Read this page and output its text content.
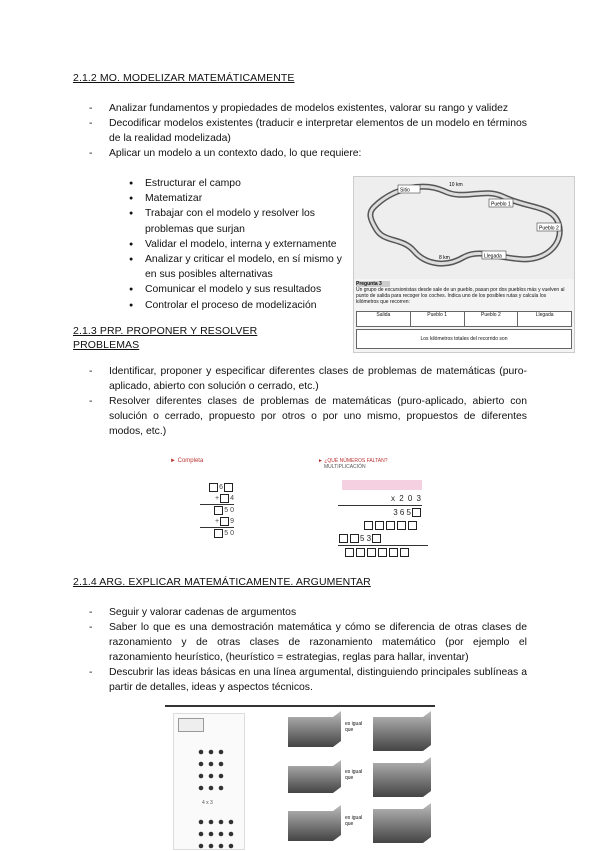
2.1.2 MO. MODELIZAR MATEMÁTICAMENTE
- Analizar fundamentos y propiedades de modelos existentes, valorar su rango y validez
- Decodificar modelos existentes (traducir e interpretar elementos de un modelo en términos de la realidad modelizada)
- Aplicar un modelo a un contexto dado, lo que requiere:
● Estructurar el campo
● Matematizar
● Trabajar con el modelo y resolver los problemas que surjan
● Validar el modelo, interna y externamente
● Analizar y criticar el modelo, en sí mismo y en sus posibles alternativas
● Comunicar el modelo y sus resultados
● Controlar el proceso de modelización
Sitio
Pueblo 1
Pueblo 2
Llegada
10 km
8 km
Pregunta 3
Un grupo de excursionistas desde sale de un pueblo, pasan por dos pueblos más y vuelven al punto de salida para recoger los coches. Indica uno de los posibles rutas y calcula los kilómetros que recorren:
Salida	Pueblo 1	Pueblo 2	Llegada
Los kilómetros totales del recorrido son
2.1.3 PRP. PROPONER Y RESOLVER
PROBLEMAS
- Identificar, proponer y especificar diferentes clases de problemas de matemáticas (puro-aplicado, abierto con solución o cerrado, etc.)
- Resolver diferentes clases de problemas de matemáticas (puro-aplicado, abierto con solución o cerrado, propuesto por otros o por uno mismo, propuestos de diferentes modos, etc.)
► Completa
6
+ 4
5 0
+ 9
5 0
► ¿QUÉ NÚMEROS FALTAN?
MULTIPLICACIÓN
x 2 0 3
3 6 5
5 3
2.1.4 ARG. EXPLICAR MATEMÁTICAMENTE. ARGUMENTAR
- Seguir y valorar cadenas de argumentos
- Saber lo que es una demostración matemática y cómo se diferencia de otras clases de razonamiento y de otras clases de razonamiento matemático (por ejemplo el razonamiento heurístico, (heurístico = estrategias, reglas para hallar, inventar)
- Descubrir las ideas básicas en una línea argumental, distinguiendo principales sublíneas a partir de detalles, ideas y aspectos técnicos.
4 x 3
es igual que
es igual que
es igual que
